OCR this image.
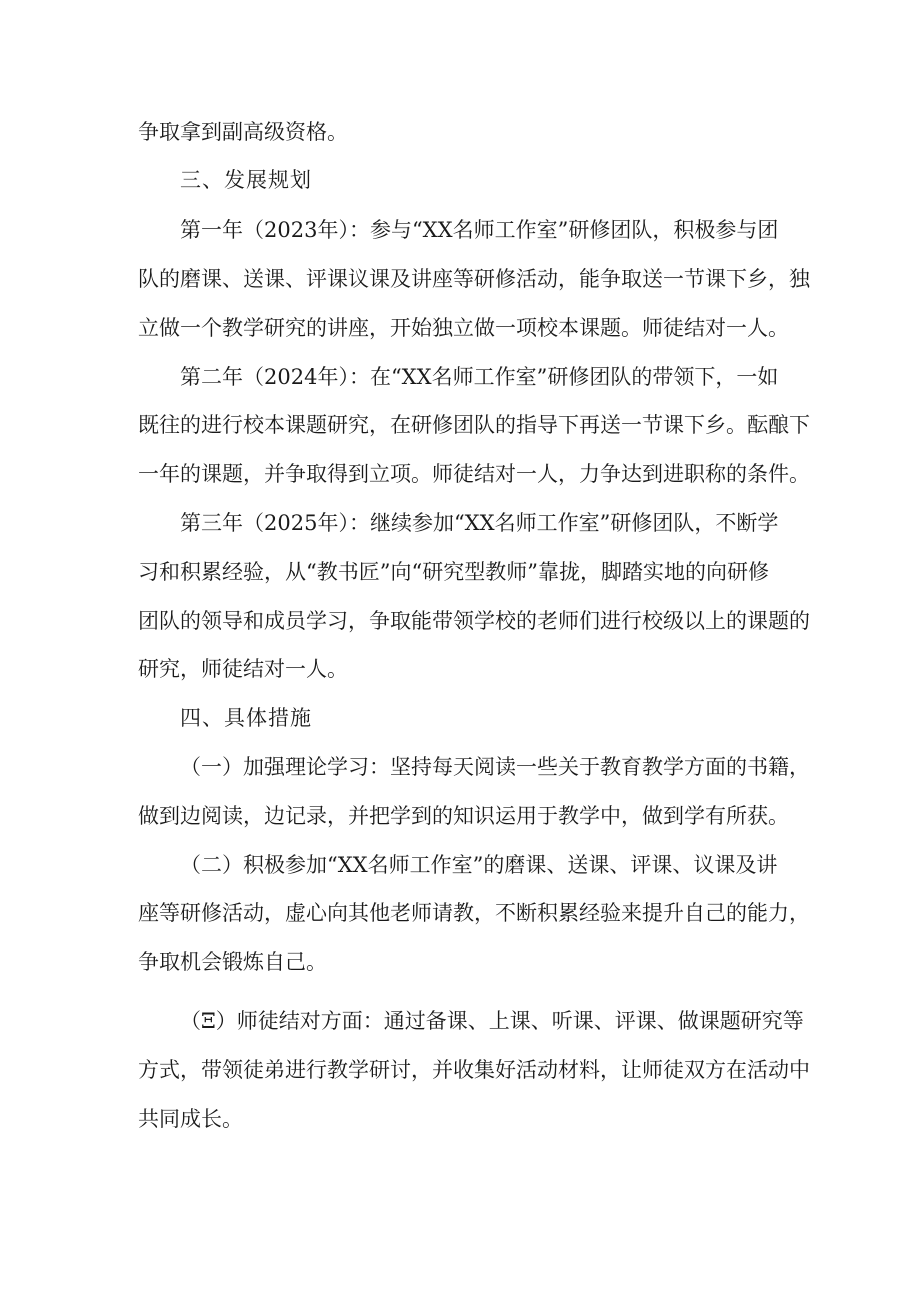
争取拿到副高级资格。

三、发展规划

第一年（2023年）：参与“XX名师工作室”研修团队，积极参与团

队的磨课、送课、评课议课及讲座等研修活动，能争取送一节课下乡，独

立做一个教学研究的讲座，开始独立做一项校本课题。师徒结对一人。

第二年（2024年）：在“XX名师工作室”研修团队的带领下，一如

既往的进行校本课题研究，在研修团队的指导下再送一节课下乡。酝酿下

一年的课题，并争取得到立项。师徒结对一人，力争达到进职称的条件。

第三年（2025年）：继续参加“XX名师工作室”研修团队，不断学

习和积累经验，从“教书匠”向“研究型教师”靠拢，脚踏实地的向研修

团队的领导和成员学习，争取能带领学校的老师们进行校级以上的课题的

研究，师徒结对一人。

四、具体措施

（一）加强理论学习：坚持每天阅读一些关于教育教学方面的书籍，

做到边阅读，边记录，并把学到的知识运用于教学中，做到学有所获。

（二）积极参加“XX名师工作室”的磨课、送课、评课、议课及讲

座等研修活动，虚心向其他老师请教，不断积累经验来提升自己的能力，

争取机会锻炼自己。

（Ξ）师徒结对方面：通过备课、上课、听课、评课、做课题研究等

方式，带领徒弟进行教学研讨，并收集好活动材料，让师徒双方在活动中

共同成长。
